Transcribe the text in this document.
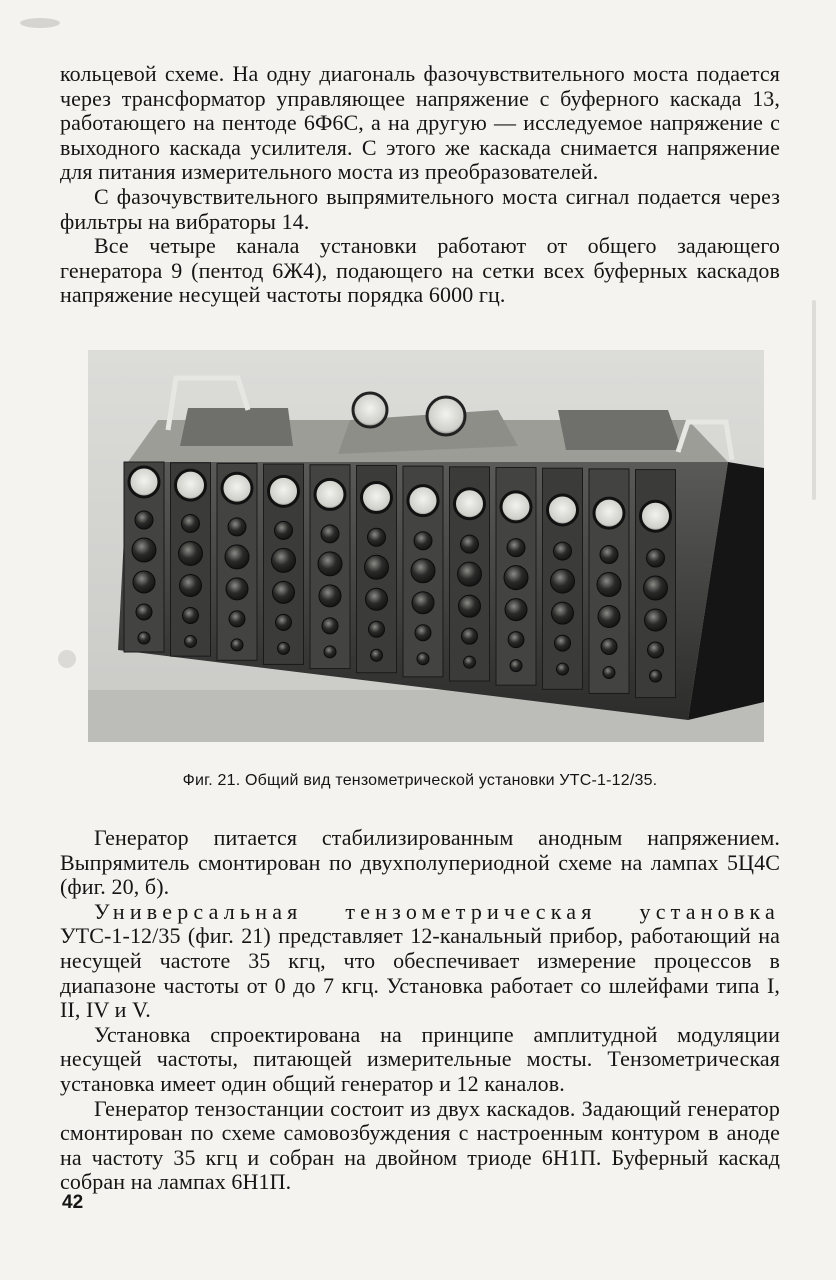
кольцевой схеме. На одну диагональ фазочувствительного моста подается через трансформатор управляющее напряжение с буферного каскада 13, работающего на пентоде 6Ф6С, а на другую — исследуемое напряжение с выходного каскада усилителя. С этого же каскада снимается напряжение для питания измерительного моста из преобразователей.

С фазочувствительного выпрямительного моста сигнал подается через фильтры на вибраторы 14.

Все четыре канала установки работают от общего задающего генератора 9 (пентод 6Ж4), подающего на сетки всех буферных каскадов напряжение несущей частоты порядка 6000 гц.

Фиг. 21. Общий вид тензометрической установки УТС-1-12/35.

Генератор питается стабилизированным анодным напряжением. Выпрямитель смонтирован по двухполупериодной схеме на лампах 5Ц4С (фиг. 20, б).

Универсальная тензометрическая установка УТС-1-12/35 (фиг. 21) представляет 12-канальный прибор, работающий на несущей частоте 35 кгц, что обеспечивает измерение процессов в диапазоне частоты от 0 до 7 кгц. Установка работает со шлейфами типа I, II, IV и V.

Установка спроектирована на принципе амплитудной модуляции несущей частоты, питающей измерительные мосты. Тензометрическая установка имеет один общий генератор и 12 каналов.

Генератор тензостанции состоит из двух каскадов. Задающий генератор смонтирован по схеме самовозбуждения с настроенным контуром в аноде на частоту 35 кгц и собран на двойном триоде 6Н1П. Буферный каскад собран на лампах 6Н1П.

42
